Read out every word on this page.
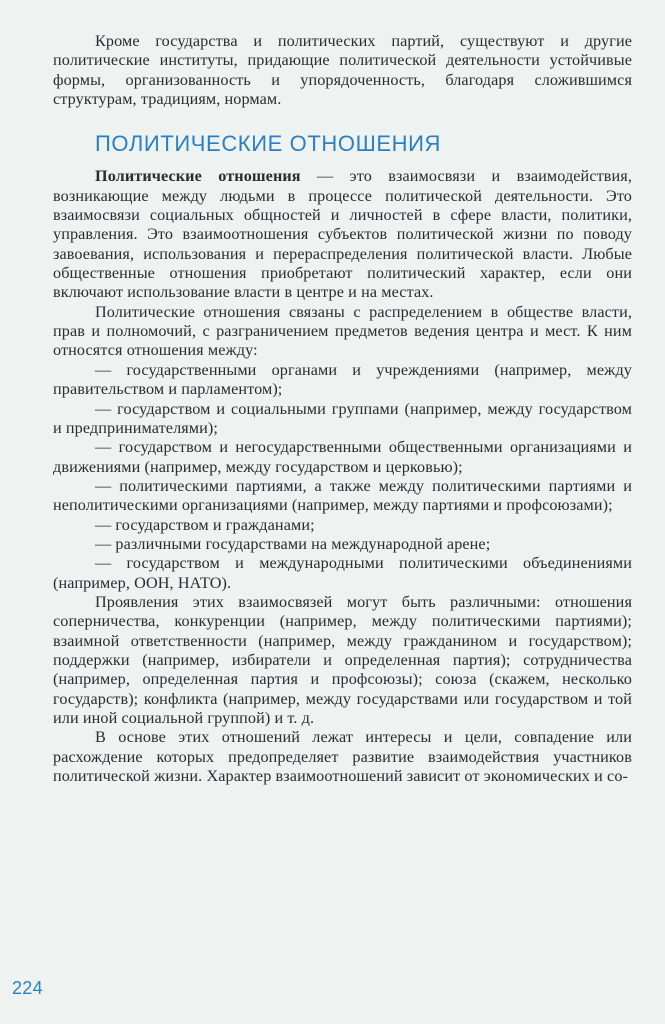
Кроме государства и политических партий, существуют и другие политические институты, придающие политической деятельности устойчивые формы, организованность и упорядоченность, благодаря сложившимся структурам, традициям, нормам.

ПОЛИТИЧЕСКИЕ ОТНОШЕНИЯ

Политические отношения — это взаимосвязи и взаимодействия, возникающие между людьми в процессе политической деятельности. Это взаимосвязи социальных общностей и личностей в сфере власти, политики, управления. Это взаимоотношения субъектов политической жизни по поводу завоевания, использования и перераспределения политической власти. Любые общественные отношения приобретают политический характер, если они включают использование власти в центре и на местах.

Политические отношения связаны с распределением в обществе власти, прав и полномочий, с разграничением предметов ведения центра и мест. К ним относятся отношения между:

— государственными органами и учреждениями (например, между правительством и парламентом);

— государством и социальными группами (например, между государством и предпринимателями);

— государством и негосударственными общественными организациями и движениями (например, между государством и церковью);

— политическими партиями, а также между политическими партиями и неполитическими организациями (например, между партиями и профсоюзами);

— государством и гражданами;

— различными государствами на международной арене;

— государством и международными политическими объединениями (например, ООН, НАТО).

Проявления этих взаимосвязей могут быть различными: отношения соперничества, конкуренции (например, между политическими партиями); взаимной ответственности (например, между гражданином и государством); поддержки (например, избиратели и определенная партия); сотрудничества (например, определенная партия и профсоюзы); союза (скажем, несколько государств); конфликта (например, между государствами или государством и той или иной социальной группой) и т. д.

В основе этих отношений лежат интересы и цели, совпадение или расхождение которых предопределяет развитие взаимодействия участников политической жизни. Характер взаимоотношений зависит от экономических и со-

224
